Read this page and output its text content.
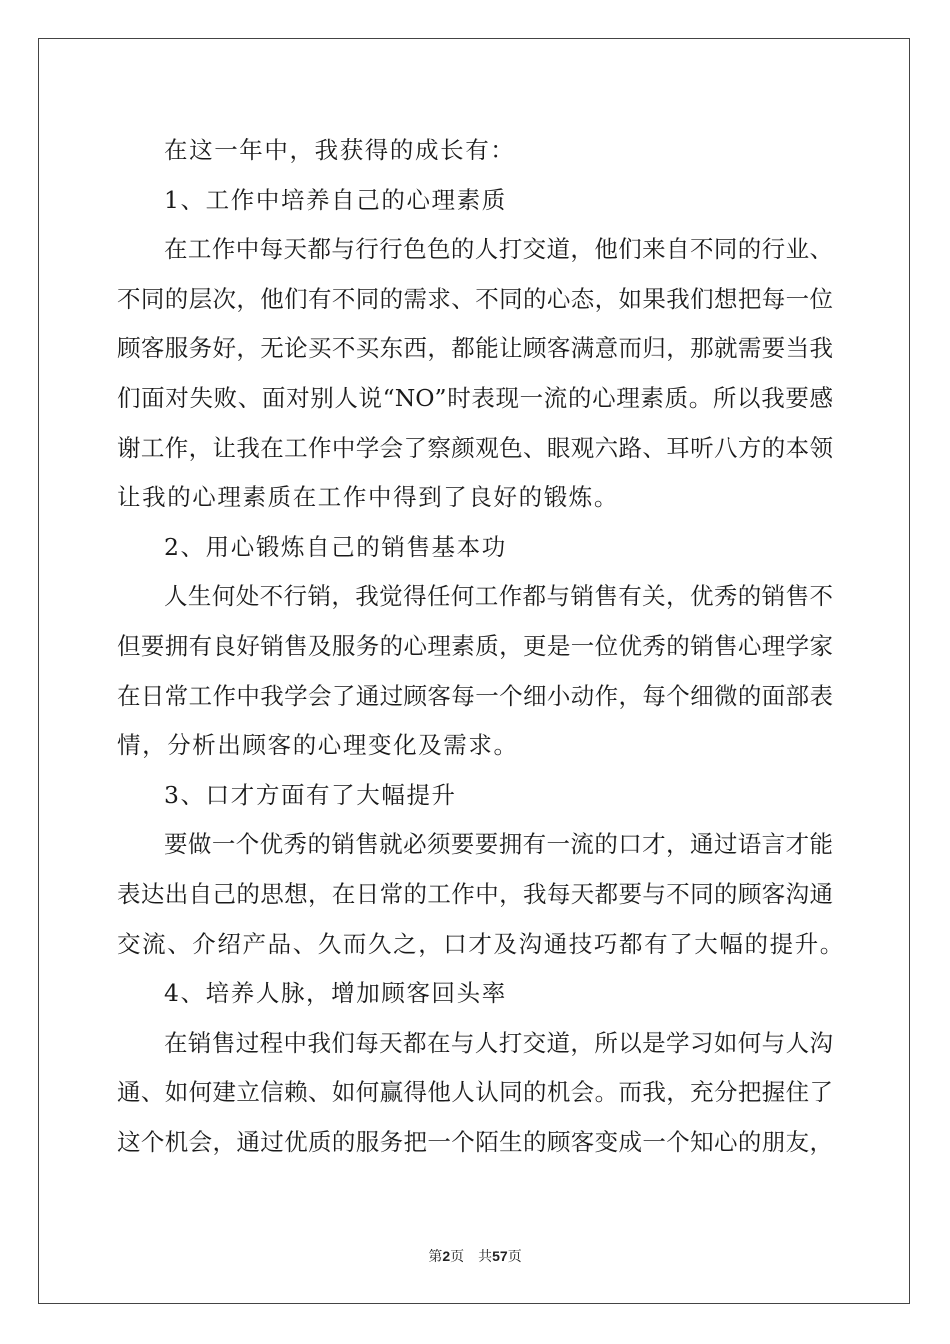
在这一年中，我获得的成长有：
1、工作中培养自己的心理素质
在工作中每天都与行行色色的人打交道，他们来自不同的行业、
不同的层次，他们有不同的需求、不同的心态，如果我们想把每一位
顾客服务好，无论买不买东西，都能让顾客满意而归，那就需要当我
们面对失败、面对别人说“NO”时表现一流的心理素质。所以我要感
谢工作，让我在工作中学会了察颜观色、眼观六路、耳听八方的本领
让我的心理素质在工作中得到了良好的锻炼。
2、用心锻炼自己的销售基本功
人生何处不行销，我觉得任何工作都与销售有关，优秀的销售不
但要拥有良好销售及服务的心理素质，更是一位优秀的销售心理学家
在日常工作中我学会了通过顾客每一个细小动作，每个细微的面部表
情，分析出顾客的心理变化及需求。
3、口才方面有了大幅提升
要做一个优秀的销售就必须要要拥有一流的口才，通过语言才能
表达出自己的思想，在日常的工作中，我每天都要与不同的顾客沟通
交流、介绍产品、久而久之，口才及沟通技巧都有了大幅的提升。
4、培养人脉，增加顾客回头率
在销售过程中我们每天都在与人打交道，所以是学习如何与人沟
通、如何建立信赖、如何赢得他人认同的机会。而我，充分把握住了
这个机会，通过优质的服务把一个陌生的顾客变成一个知心的朋友，
第2页 共57页
